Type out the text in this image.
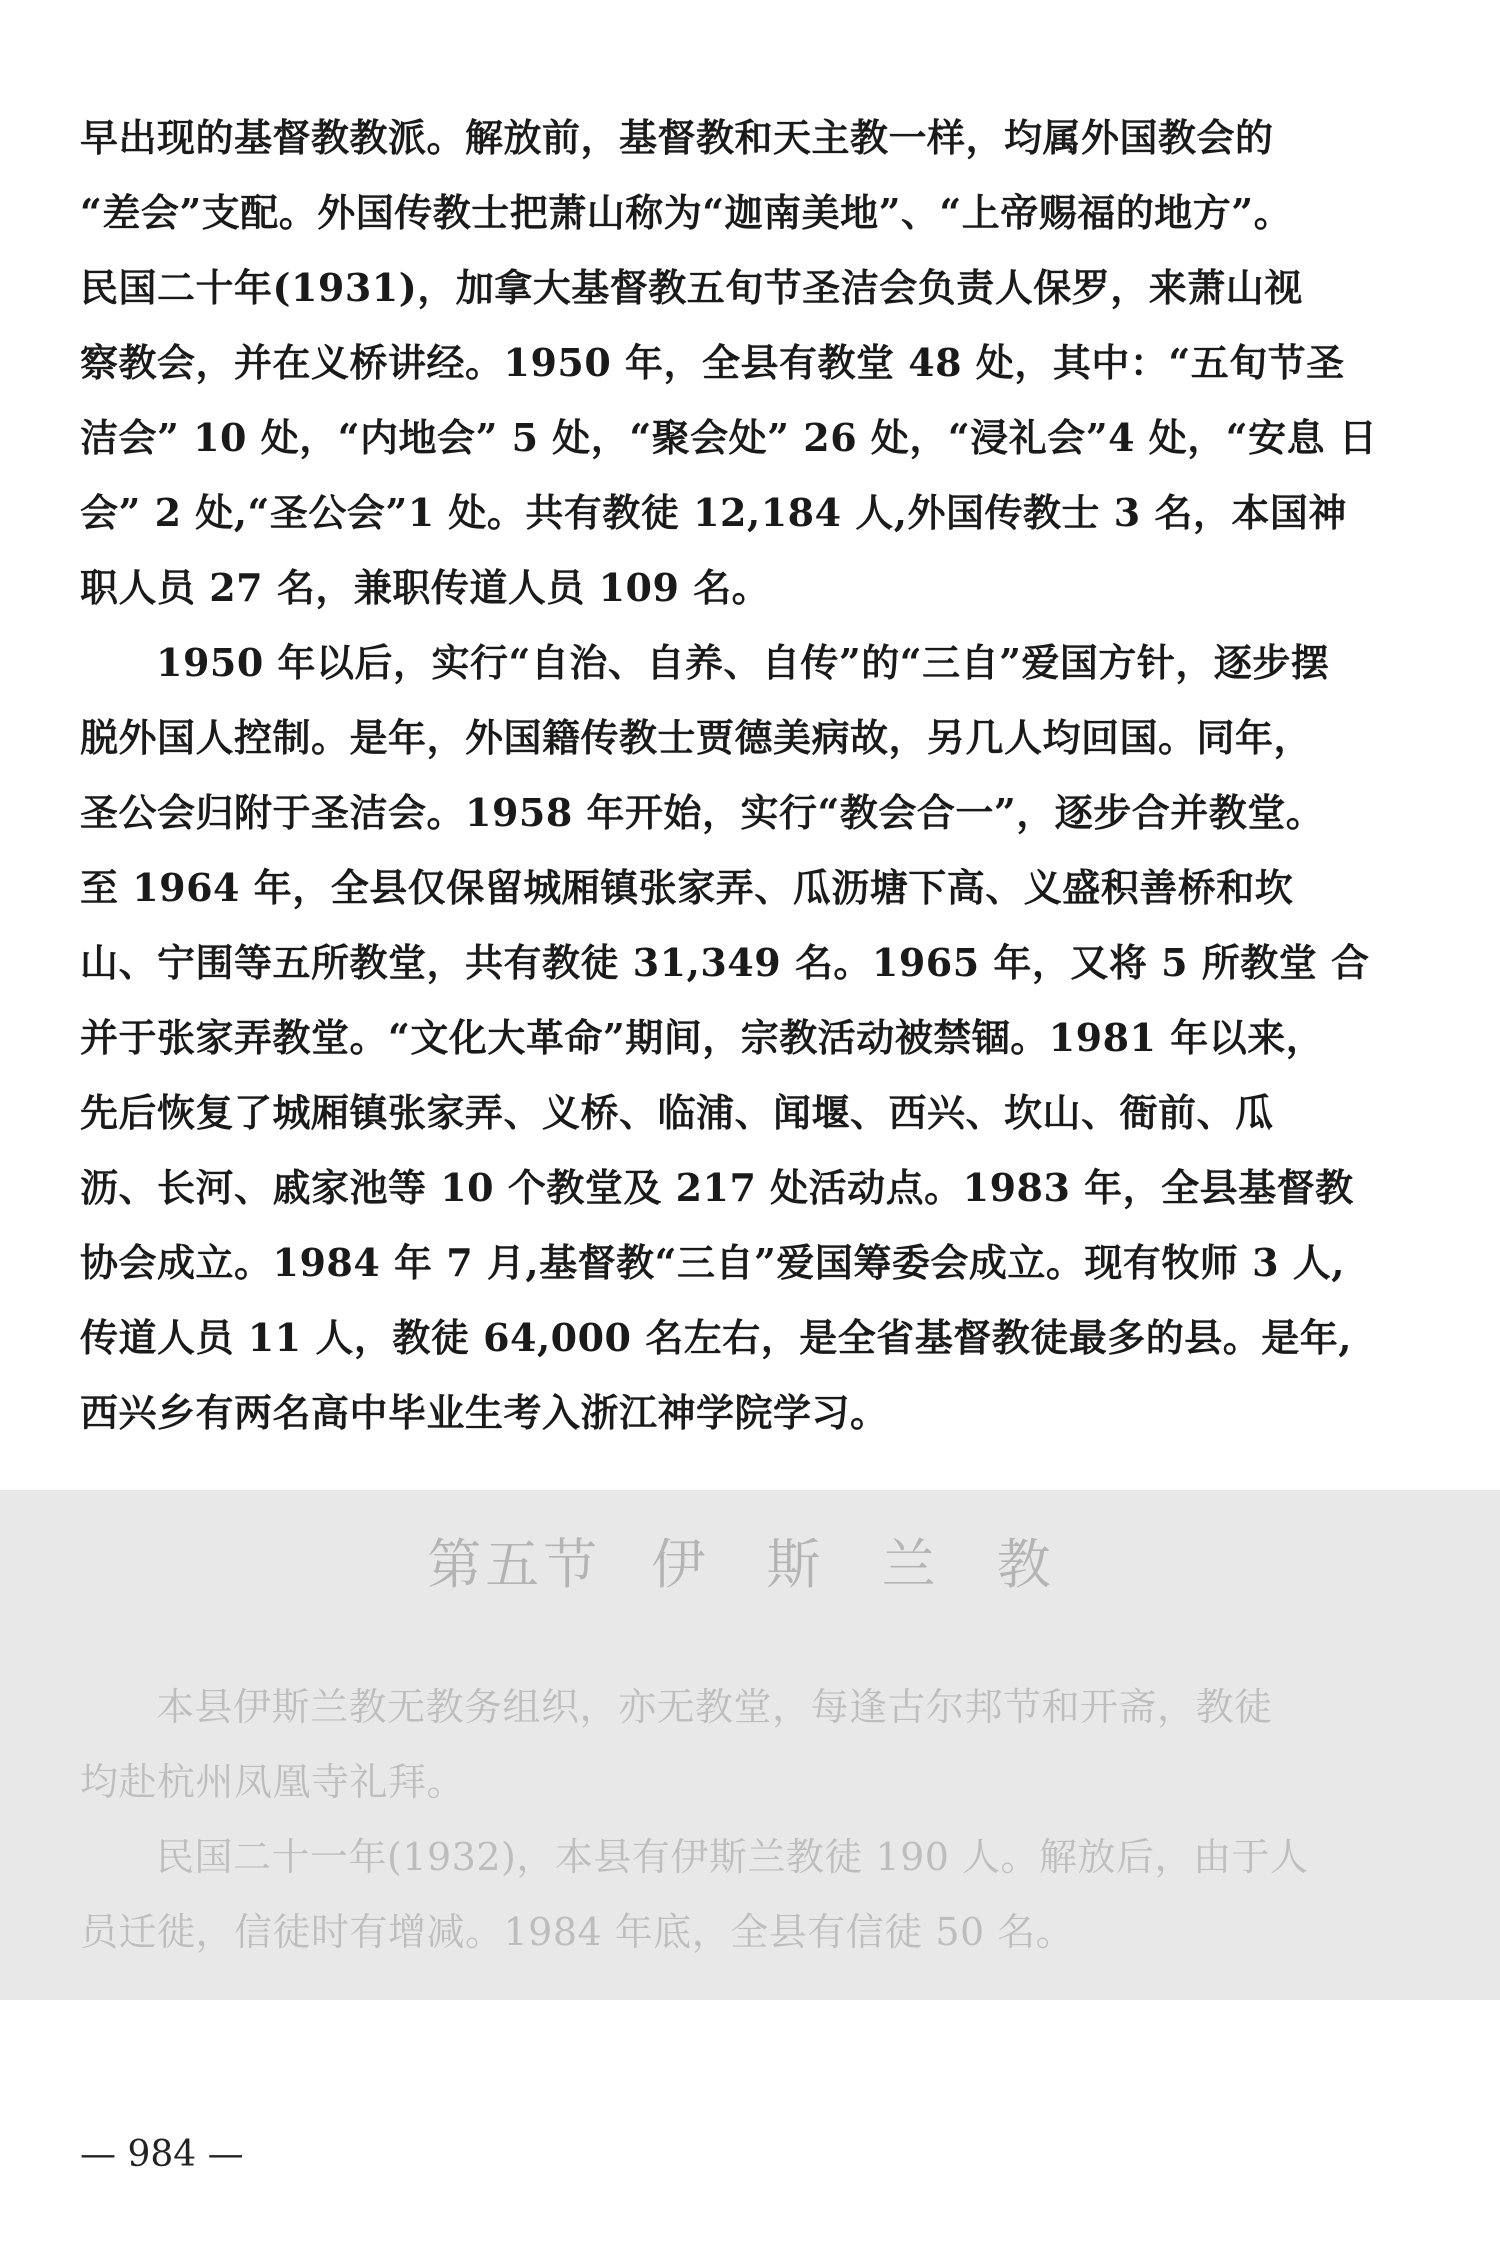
早出现的基督教教派。解放前，基督教和天主教一样，均属外国教会的
“差会”支配。外国传教士把萧山称为“迦南美地”、“上帝赐福的地方”。
民国二十年(1931)，加拿大基督教五旬节圣洁会负责人保罗，来萧山视
察教会，并在义桥讲经。1950 年，全县有教堂 48 处，其中：“五旬节圣
洁会” 10 处，“内地会” 5 处，“聚会处” 26 处，“浸礼会”4 处，“安息 日
会” 2 处,“圣公会”1 处。共有教徒 12,184 人,外国传教士 3 名，本国神
职人员 27 名，兼职传道人员 109 名。

1950 年以后，实行“自治、自养、自传”的“三自”爱国方针，逐步摆
脱外国人控制。是年，外国籍传教士贾德美病故，另几人均回国。同年，
圣公会归附于圣洁会。1958 年开始，实行“教会合一”，逐步合并教堂。
至 1964 年，全县仅保留城厢镇张家弄、瓜沥塘下高、义盛积善桥和坎
山、宁围等五所教堂，共有教徒 31,349 名。1965 年，又将 5 所教堂 合
并于张家弄教堂。“文化大革命”期间，宗教活动被禁锢。1981 年以来，
先后恢复了城厢镇张家弄、义桥、临浦、闻堰、西兴、坎山、衙前、瓜
沥、长河、戚家池等 10 个教堂及 217 处活动点。1983 年，全县基督教
协会成立。1984 年 7 月,基督教“三自”爱国筹委会成立。现有牧师 3 人,
传道人员 11 人，教徒 64,000 名左右，是全省基督教徒最多的县。是年,
西兴乡有两名高中毕业生考入浙江神学院学习。

第五节 伊 斯 兰 教

本县伊斯兰教无教务组织，亦无教堂，每逢古尔邦节和开斋，教徒
均赴杭州凤凰寺礼拜。

民国二十一年(1932)，本县有伊斯兰教徒 190 人。解放后，由于人
员迁徙，信徒时有增减。1984 年底，全县有信徒 50 名。

— 984 —
